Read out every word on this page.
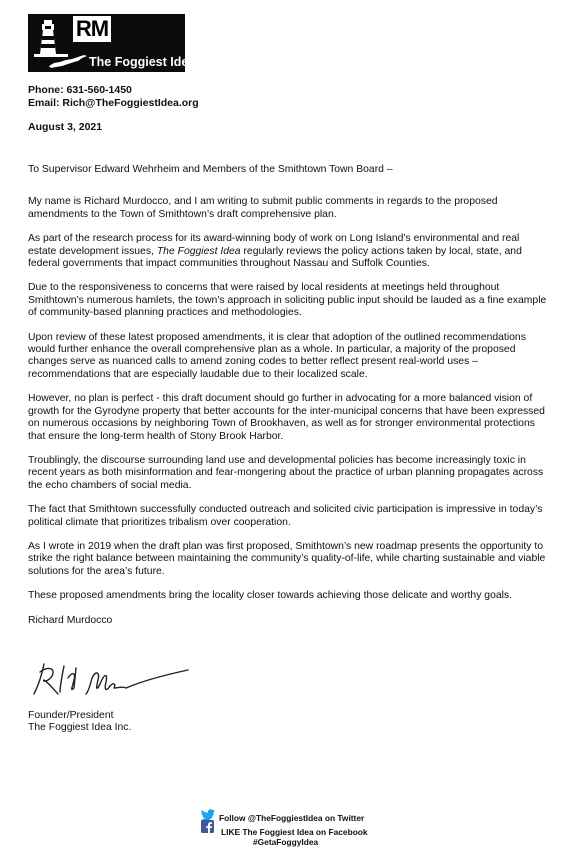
RM
The Foggiest Idea
Phone: 631-560-1450
Email: Rich@TheFoggiestIdea.org
August 3, 2021

To Supervisor Edward Wehrheim and Members of the Smithtown Town Board –

My name is Richard Murdocco, and I am writing to submit public comments in regards to the proposed amendments to the Town of Smithtown’s draft comprehensive plan.

As part of the research process for its award-winning body of work on Long Island’s environmental and real estate development issues, The Foggiest Idea regularly reviews the policy actions taken by local, state, and federal governments that impact communities throughout Nassau and Suffolk Counties.

Due to the responsiveness to concerns that were raised by local residents at meetings held throughout Smithtown’s numerous hamlets, the town’s approach in soliciting public input should be lauded as a fine example of community-based planning practices and methodologies.

Upon review of these latest proposed amendments, it is clear that adoption of the outlined recommendations would further enhance the overall comprehensive plan as a whole. In particular, a majority of the proposed changes serve as nuanced calls to amend zoning codes to better reflect present real-world uses – recommendations that are especially laudable due to their localized scale.

However, no plan is perfect - this draft document should go further in advocating for a more balanced vision of growth for the Gyrodyne property that better accounts for the inter-municipal concerns that have been expressed on numerous occasions by neighboring Town of Brookhaven, as well as for stronger environmental protections that ensure the long-term health of Stony Brook Harbor.

Troublingly, the discourse surrounding land use and developmental policies has become increasingly toxic in recent years as both misinformation and fear-mongering about the practice of urban planning propagates across the echo chambers of social media.

The fact that Smithtown successfully conducted outreach and solicited civic participation is impressive in today’s political climate that prioritizes tribalism over cooperation.

As I wrote in 2019 when the draft plan was first proposed, Smithtown’s new roadmap presents the opportunity to strike the right balance between maintaining the community’s quality-of-life, while charting sustainable and viable solutions for the area’s future.

These proposed amendments bring the locality closer towards achieving those delicate and worthy goals.

Richard Murdocco

Founder/President
The Foggiest Idea Inc.
Follow @TheFoggiestIdea on Twitter
LIKE The Foggiest Idea on Facebook
#GetaFoggyIdea
